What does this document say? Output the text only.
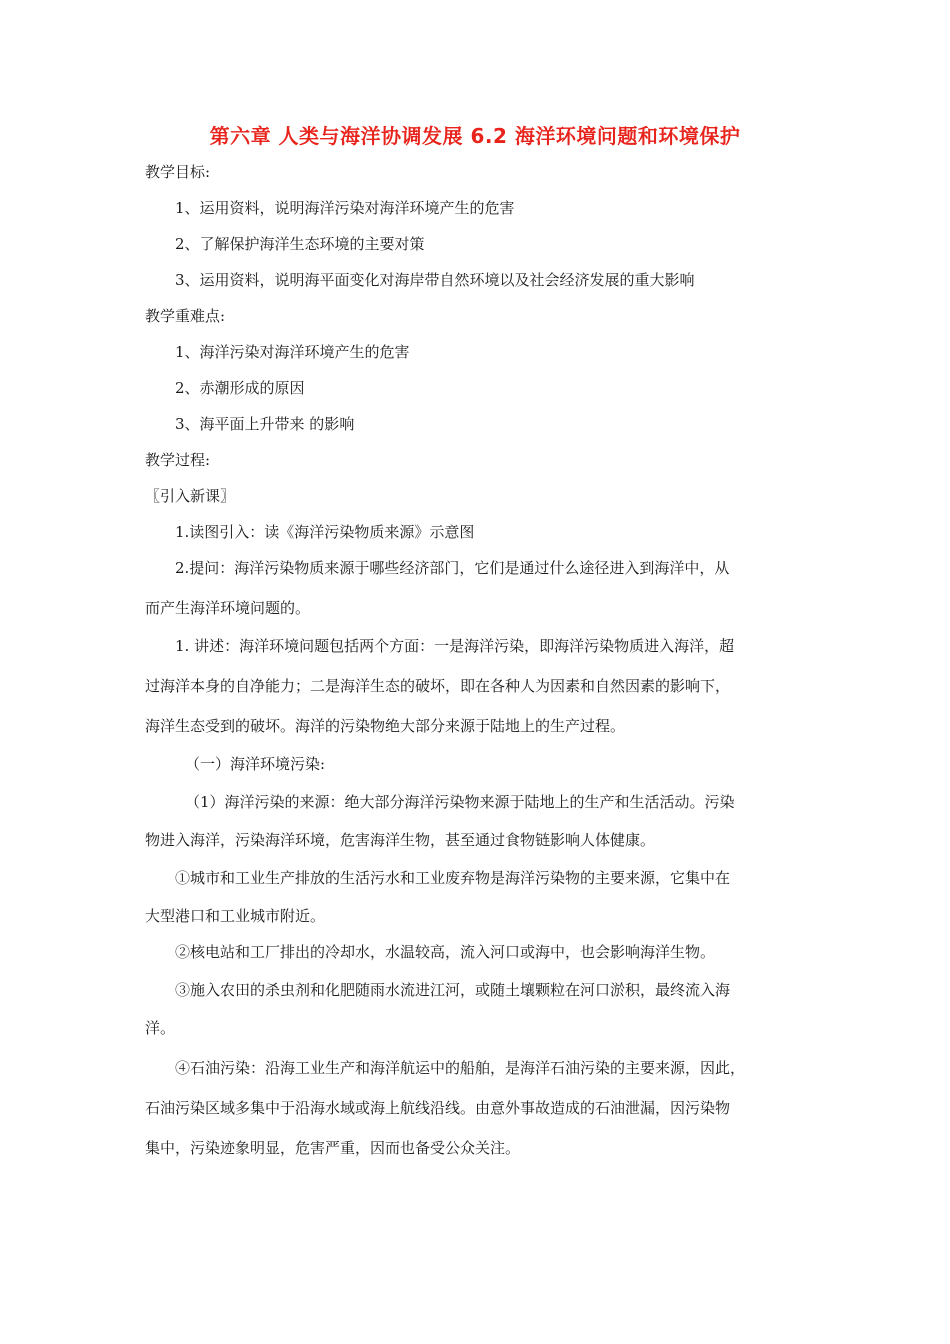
第六章 人类与海洋协调发展 6.2 海洋环境问题和环境保护
教学目标:
1、运用资料，说明海洋污染对海洋环境产生的危害
2、了解保护海洋生态环境的主要对策
3、运用资料，说明海平面变化对海岸带自然环境以及社会经济发展的重大影响
教学重难点:
1、海洋污染对海洋环境产生的危害
2、赤潮形成的原因
3、海平面上升带来 的影响
教学过程:
〖引入新课〗
1.读图引入：读《海洋污染物质来源》示意图
2.提问：海洋污染物质来源于哪些经济部门，它们是通过什么途径进入到海洋中，从
而产生海洋环境问题的。
1. 讲述：海洋环境问题包括两个方面：一是海洋污染，即海洋污染物质进入海洋，超
过海洋本身的自净能力；二是海洋生态的破坏，即在各种人为因素和自然因素的影响下，
海洋生态受到的破坏。海洋的污染物绝大部分来源于陆地上的生产过程。
（一）海洋环境污染:
（1）海洋污染的来源：绝大部分海洋污染物来源于陆地上的生产和生活活动。污染
物进入海洋，污染海洋环境，危害海洋生物，甚至通过食物链影响人体健康。
①城市和工业生产排放的生活污水和工业废弃物是海洋污染物的主要来源，它集中在
大型港口和工业城市附近。
②核电站和工厂排出的冷却水，水温较高，流入河口或海中，也会影响海洋生物。
③施入农田的杀虫剂和化肥随雨水流进江河，或随土壤颗粒在河口淤积，最终流入海
洋。
④石油污染：沿海工业生产和海洋航运中的船舶，是海洋石油污染的主要来源，因此，
石油污染区域多集中于沿海水域或海上航线沿线。由意外事故造成的石油泄漏，因污染物
集中，污染迹象明显，危害严重，因而也备受公众关注。
